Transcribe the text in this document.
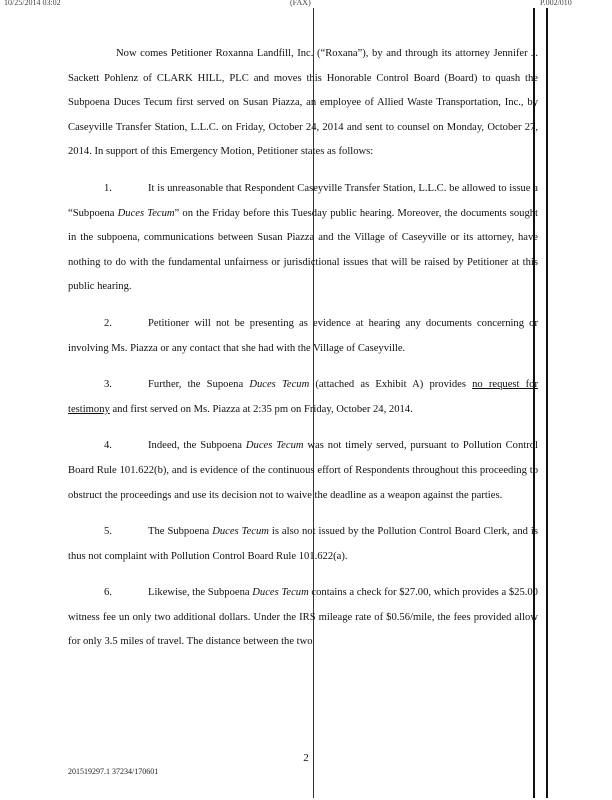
10/25/2014 03:02	(FAX)	P.002/010

Now comes Petitioner Roxanna Landfill, Inc. (“Roxana”), by and through its attorney Jennifer J. Sackett Pohlenz of CLARK HILL, PLC and moves this Honorable Control Board (Board) to quash the Subpoena Duces Tecum first served on Susan Piazza, an employee of Allied Waste Transportation, Inc., by Caseyville Transfer Station, L.L.C. on Friday, October 24, 2014 and sent to counsel on Monday, October 27, 2014. In support of this Emergency Motion, Petitioner states as follows:

1.	It is unreasonable that Respondent Caseyville Transfer Station, L.L.C. be allowed to issue a “Subpoena Duces Tecum” on the Friday before this Tuesday public hearing. Moreover, the documents sought in the subpoena, communications between Susan Piazza and the Village of Caseyville or its attorney, have nothing to do with the fundamental unfairness or jurisdictional issues that will be raised by Petitioner at this public hearing.

2.	Petitioner will not be presenting as evidence at hearing any documents concerning or involving Ms. Piazza or any contact that she had with the Village of Caseyville.

3.	Further, the Supoena Duces Tecum (attached as Exhibit A) provides no request for testimony and first served on Ms. Piazza at 2:35 pm on Friday, October 24, 2014.

4.	Indeed, the Subpoena Duces Tecum was not timely served, pursuant to Pollution Control Board Rule 101.622(b), and is evidence of the continuous effort of Respondents throughout this proceeding to obstruct the proceedings and use its decision not to waive the deadline as a weapon against the parties.

5.	The Subpoena Duces Tecum is also not issued by the Pollution Control Board Clerk, and is thus not complaint with Pollution Control Board Rule 101.622(a).

6.	Likewise, the Subpoena Duces Tecum contains a check for $27.00, which provides a $25.00 witness fee un only two additional dollars. Under the IRS mileage rate of $0.56/mile, the fees provided allow for only 3.5 miles of travel. The distance between the two

2
201519297.1 37234/170601
